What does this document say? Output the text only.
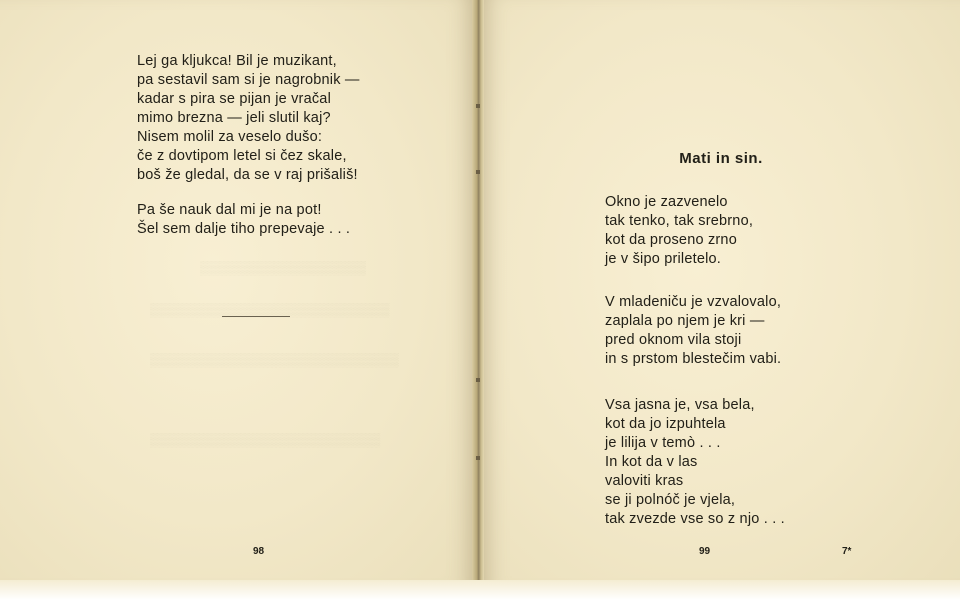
Lej ga kljukca! Bil je muzikant,
pa sestavil sam si je nagrobnik —
kadar s pira se pijan je vračal
mimo brezna — jeli slutil kaj?
Nisem molil za veselo dušo:
če z dovtipom letel si čez skale,
boš že gledal, da se v raj prišališ!
Pa še nauk dal mi je na pot!
Šel sem dalje tiho prepevaje . . .
98
Mati in sin.
Okno je zazvenelo
tak tenko, tak srebrno,
kot da proseno zrno
je v šipo priletelo.
V mladeniču je vzvalovalo,
zaplala po njem je kri —
pred oknom vila stoji
in s prstom blestečim vabi.
Vsa jasna je, vsa bela,
kot da jo izpuhtela
je lilija v temò . . .
In kot da v las
valoviti kras
se ji polnóč je vjela,
tak zvezde vse so z njo . . .
99	7*
